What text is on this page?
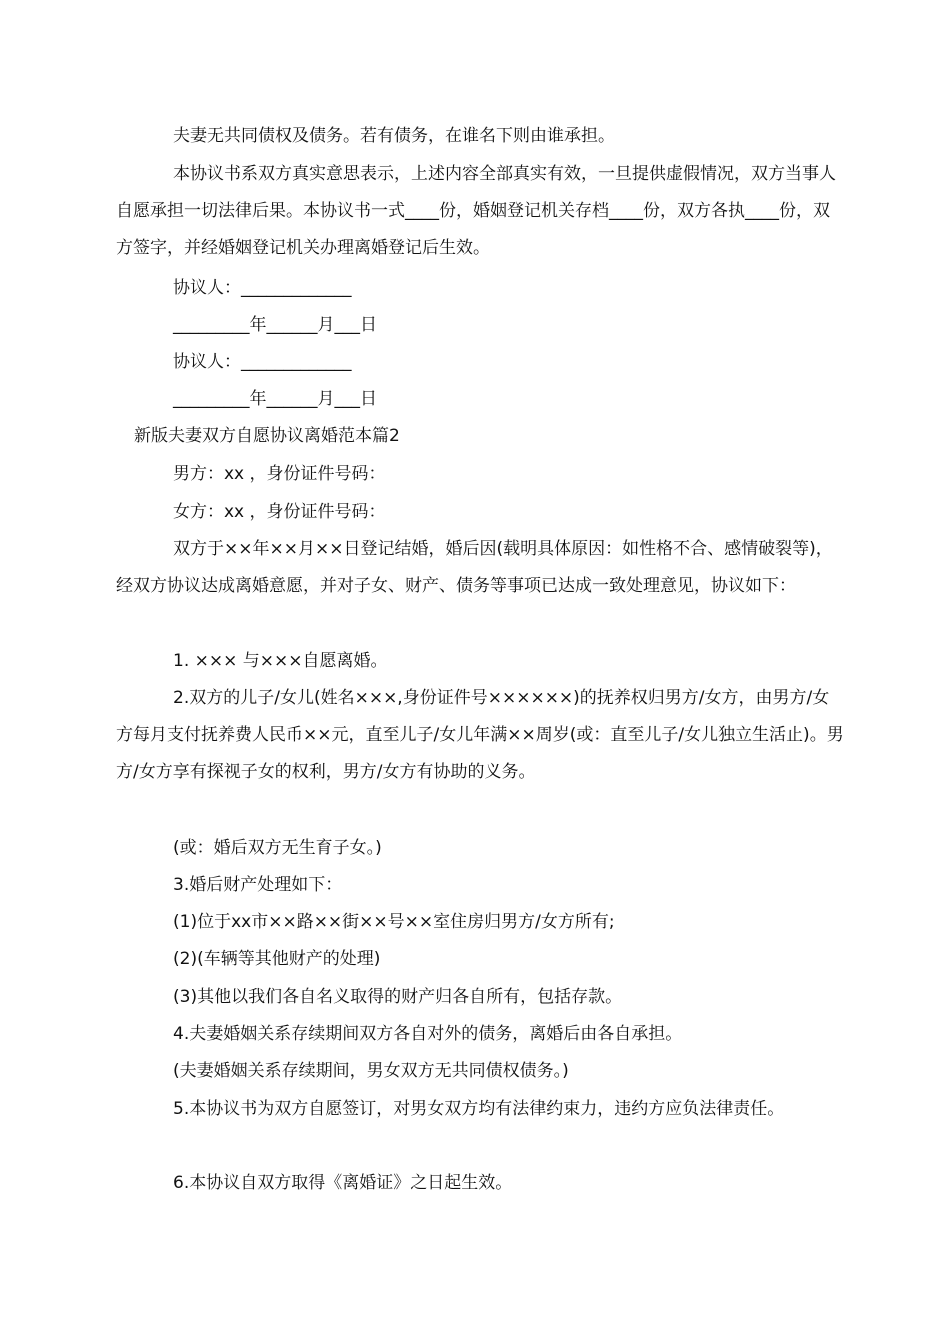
夫妻无共同债权及债务。若有债务，在谁名下则由谁承担。

本协议书系双方真实意思表示，上述内容全部真实有效，一旦提供虚假情况，双方当事人自愿承担一切法律后果。本协议书一式____份，婚姻登记机关存档____份，双方各执____份，双方签字，并经婚姻登记机关办理离婚登记后生效。

协议人：_____________

_________年______月___日

协议人：_____________

_________年______月___日

新版夫妻双方自愿协议离婚范本篇2

男方：xx ，身份证件号码：

女方：xx ，身份证件号码：

双方于××年××月××日登记结婚，婚后因(载明具体原因：如性格不合、感情破裂等)，经双方协议达成离婚意愿，并对子女、财产、债务等事项已达成一致处理意见，协议如下：

1. ××× 与×××自愿离婚。

2.双方的儿子/女儿(姓名×××,身份证件号××××××)的抚养权归男方/女方，由男方/女方每月支付抚养费人民币××元，直至儿子/女儿年满××周岁(或：直至儿子/女儿独立生活止)。男方/女方享有探视子女的权利，男方/女方有协助的义务。

(或：婚后双方无生育子女。)

3.婚后财产处理如下：

(1)位于xx市××路××街××号××室住房归男方/女方所有;

(2)(车辆等其他财产的处理)

(3)其他以我们各自名义取得的财产归各自所有，包括存款。

4.夫妻婚姻关系存续期间双方各自对外的债务，离婚后由各自承担。

(夫妻婚姻关系存续期间，男女双方无共同债权债务。)

5.本协议书为双方自愿签订，对男女双方均有法律约束力，违约方应负法律责任。

6.本协议自双方取得《离婚证》之日起生效。
